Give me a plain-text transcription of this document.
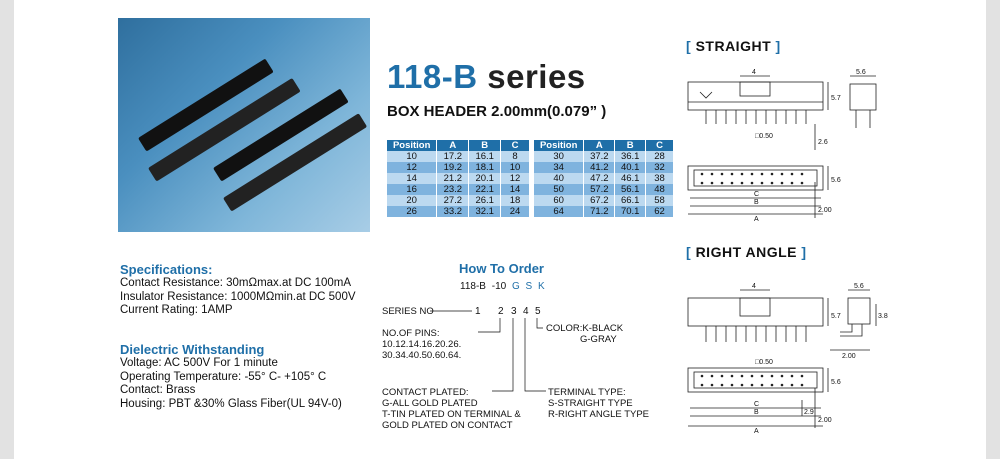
118-B series
BOX HEADER 2.00mm(0.079” )
Position	A	B	C
10	17.2	16.1	8
12	19.2	18.1	10
14	21.2	20.1	12
16	23.2	22.1	14
20	27.2	26.1	18
26	33.2	32.1	24
Position	A	B	C
30	37.2	36.1	28
34	41.2	40.1	32
40	47.2	46.1	38
50	57.2	56.1	48
60	67.2	66.1	58
64	71.2	70.1	62
Specifications:
Contact Resistance: 30mΩmax.at DC 100mA
Insulator Resistance: 1000MΩmin.at DC 500V
Current Rating: 1AMP
Dielectric Withstanding
Voltage: AC 500V For 1 minute
Operating Temperature: -55° C- +105° C
Contact: Brass
Housing: PBT &30% Glass Fiber(UL 94V-0)
How To Order
118-B -10 G S K
1 2 3 4 5
SERIES NO
NO.OF PINS:
10.12.14.16.20.26.
30.34.40.50.60.64.
COLOR:K-BLACK
G-GRAY
CONTACT PLATED:
G-ALL GOLD PLATED
T-TIN PLATED ON TERMINAL &
GOLD PLATED ON CONTACT
TERMINAL TYPE:
S-STRAIGHT TYPE
R-RIGHT ANGLE TYPE
[ STRAIGHT ]
4	5.6
5.7
□0.50
2.6
5.6
C
B
A
2.00
[ RIGHT ANGLE ]
4	5.6
5.7	3.8
□0.50
2.00
5.6
C
B
A
2.9
2.00
